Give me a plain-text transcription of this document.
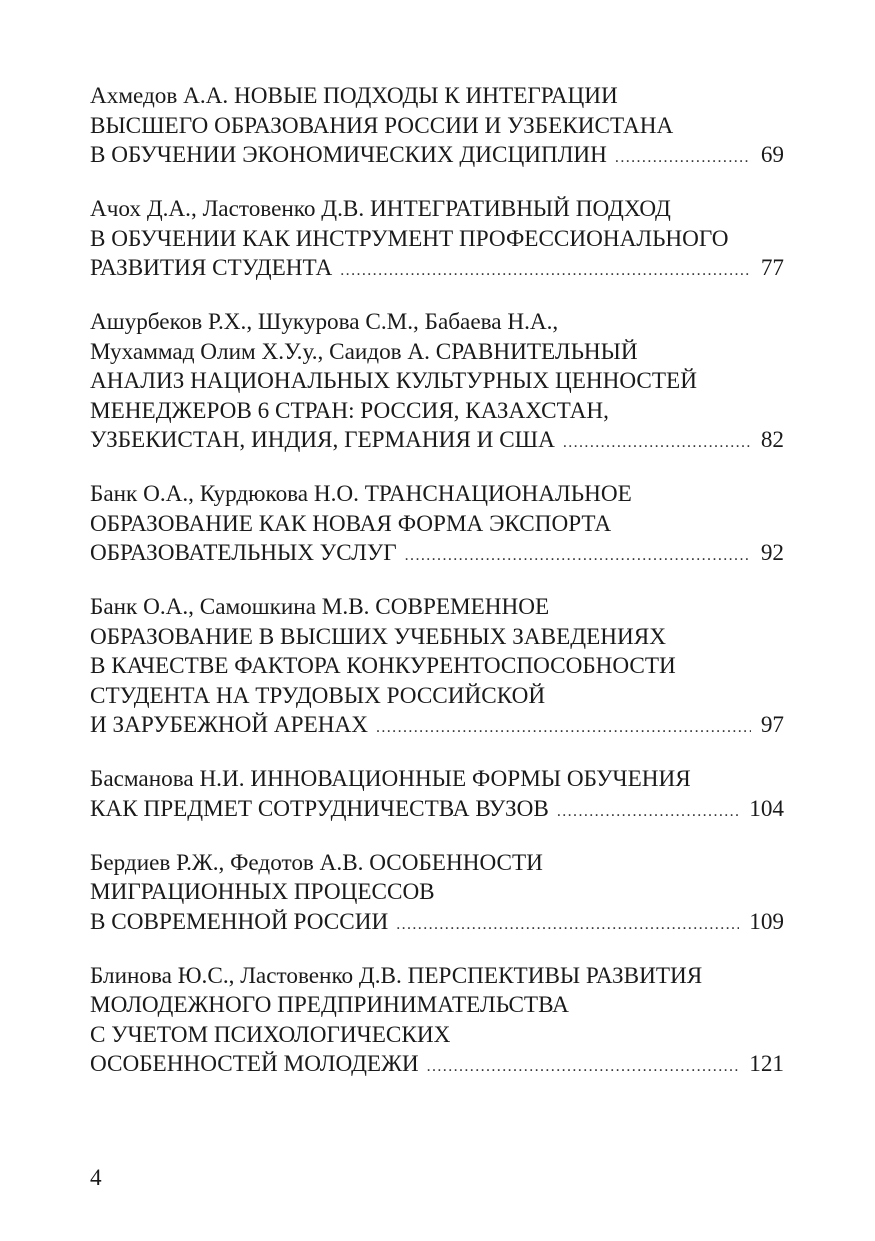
Ахмедов А.А. НОВЫЕ ПОДХОДЫ К ИНТЕГРАЦИИ
ВЫСШЕГО ОБРАЗОВАНИЯ РОССИИ И УЗБЕКИСТАНА
В ОБУЧЕНИИ ЭКОНОМИЧЕСКИХ ДИСЦИПЛИН .....	69
Ачох Д.А., Ластовенко Д.В. ИНТЕГРАТИВНЫЙ ПОДХОД
В ОБУЧЕНИИ КАК ИНСТРУМЕНТ ПРОФЕССИОНАЛЬНОГО
РАЗВИТИЯ СТУДЕНТА .....	77
Ашурбеков Р.Х., Шукурова С.М., Бабаева Н.А.,
Мухаммад Олим Х.У.у., Саидов А. СРАВНИТЕЛЬНЫЙ
АНАЛИЗ НАЦИОНАЛЬНЫХ КУЛЬТУРНЫХ ЦЕННОСТЕЙ
МЕНЕДЖЕРОВ 6 СТРАН: РОССИЯ, КАЗАХСТАН,
УЗБЕКИСТАН, ИНДИЯ, ГЕРМАНИЯ И США .....	82
Банк О.А., Курдюкова Н.О. ТРАНСНАЦИОНАЛЬНОЕ
ОБРАЗОВАНИЕ КАК НОВАЯ ФОРМА ЭКСПОРТА
ОБРАЗОВАТЕЛЬНЫХ УСЛУГ .....	92
Банк О.А., Самошкина М.В. СОВРЕМЕННОЕ
ОБРАЗОВАНИЕ В ВЫСШИХ УЧЕБНЫХ ЗАВЕДЕНИЯХ
В КАЧЕСТВЕ ФАКТОРА КОНКУРЕНТОСПОСОБНОСТИ
СТУДЕНТА НА ТРУДОВЫХ РОССИЙСКОЙ
И ЗАРУБЕЖНОЙ АРЕНАХ .....	97
Басманова Н.И. ИННОВАЦИОННЫЕ ФОРМЫ ОБУЧЕНИЯ
КАК ПРЕДМЕТ СОТРУДНИЧЕСТВА ВУЗОВ .....	104
Бердиев Р.Ж., Федотов А.В. ОСОБЕННОСТИ
МИГРАЦИОННЫХ ПРОЦЕССОВ
В СОВРЕМЕННОЙ РОССИИ .....	109
Блинова Ю.С., Ластовенко Д.В. ПЕРСПЕКТИВЫ РАЗВИТИЯ
МОЛОДЕЖНОГО ПРЕДПРИНИМАТЕЛЬСТВА
С УЧЕТОМ ПСИХОЛОГИЧЕСКИХ
ОСОБЕННОСТЕЙ МОЛОДЕЖИ .....	121
4
